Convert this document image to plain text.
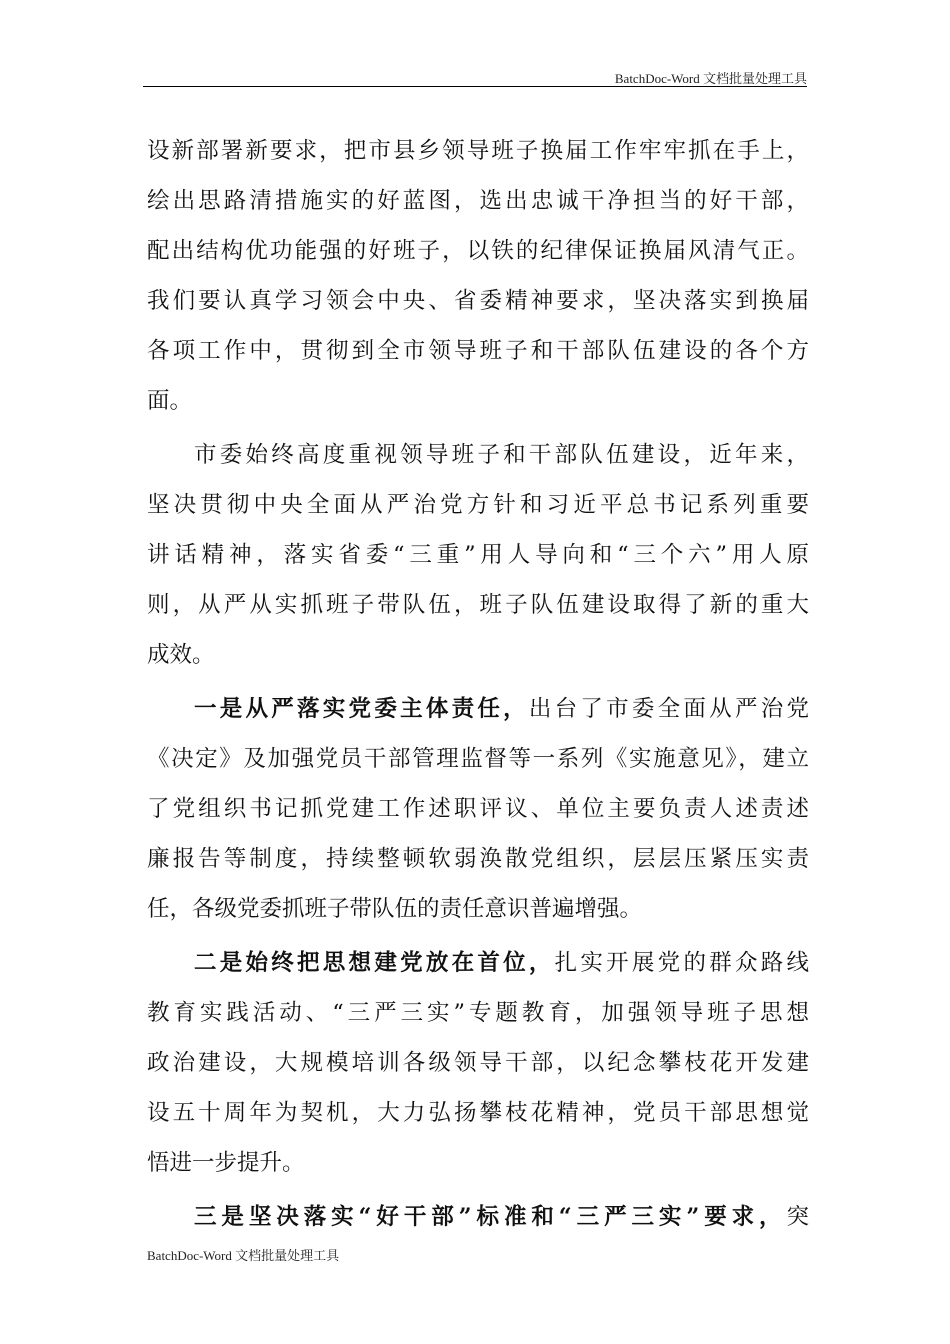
BatchDoc-Word 文档批量处理工具
设新部署新要求，把市县乡领导班子换届工作牢牢抓在手上，
绘出思路清措施实的好蓝图，选出忠诚干净担当的好干部，
配出结构优功能强的好班子，以铁的纪律保证换届风清气正。
我们要认真学习领会中央、省委精神要求，坚决落实到换届
各项工作中，贯彻到全市领导班子和干部队伍建设的各个方
面。
市委始终高度重视领导班子和干部队伍建设，近年来，
坚决贯彻中央全面从严治党方针和习近平总书记系列重要
讲话精神，落实省委“三重”用人导向和“三个六”用人原
则，从严从实抓班子带队伍，班子队伍建设取得了新的重大
成效。
一是从严落实党委主体责任，出台了市委全面从严治党
《决定》及加强党员干部管理监督等一系列《实施意见》，建立
了党组织书记抓党建工作述职评议、单位主要负责人述责述
廉报告等制度，持续整顿软弱涣散党组织，层层压紧压实责
任，各级党委抓班子带队伍的责任意识普遍增强。
二是始终把思想建党放在首位，扎实开展党的群众路线
教育实践活动、“三严三实”专题教育，加强领导班子思想
政治建设，大规模培训各级领导干部，以纪念攀枝花开发建
设五十周年为契机，大力弘扬攀枝花精神，党员干部思想觉
悟进一步提升。
三是坚决落实“好干部”标准和“三严三实”要求，突
BatchDoc-Word 文档批量处理工具
